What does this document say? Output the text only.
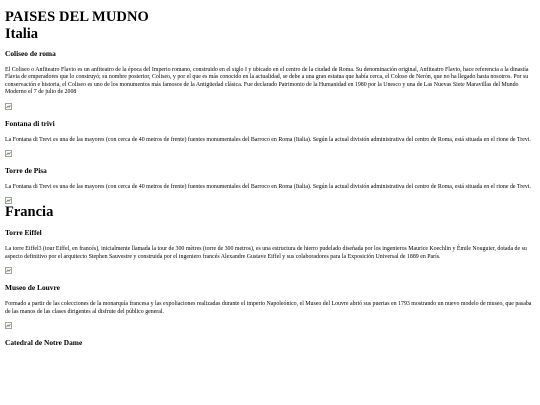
PAISES DEL MUDNO
Italia
Coliseo de roma

El Coliseo o Anfiteatro Flavio es un anfiteatro de la época del Imperio romano, construido en el siglo I y ubicado en el centro de la ciudad de Roma. Su denominación original, Anfiteatro Flavio, hace referencia a la dinastía Flavia de emperadores que lo construyó; su nombre posterior, Coliseo, y por el que es más conocido en la actualidad, se debe a una gran estatua que había cerca, el Coloso de Nerón, que no ha llegado hasta nosotros. Por su conservación e historia, el Coliseo es uno de los monumentos más famosos de la Antigüedad clásica. Fue declarado Patrimonio de la Humanidad en 1980 por la Unesco y una de Las Nuevas Siete Maravillas del Mundo Moderno el 7 de julio de 2008

Fontana di trivi

La Fontana di Trevi es una de las mayores (con cerca de 40 metros de frente) fuentes monumentales del Barroco en Roma (Italia). Según la actual división administrativa del centro de Roma, está situada en el rione de Trevi.

Torre de Pisa

La Fontana di Trevi es una de las mayores (con cerca de 40 metros de frente) fuentes monumentales del Barroco en Roma (Italia). Según la actual división administrativa del centro de Roma, está situada en el rione de Trevi.

Francia
Torre Eiffel

La torre Eiffel3 (tour Eiffel, en francés), inicialmente llamada la tour de 300 mètres (torre de 300 metros), es una estructura de hierro pudelado diseñada por los ingenieros Maurice Koechlin y Émile Nouguier, dotada de su aspecto definitivo por el arquitecto Stephen Sauvestre y construida por el ingeniero francés Alexandre Gustave Eiffel y sus colaboradores para la Exposición Universal de 1889 en París.

Museo de Louvre

Formado a partir de las colecciones de la monarquía francesa y las expoliaciones realizadas durante el imperio Napoleónico, el Museo del Louvre abrió sus puertas en 1793 mostrando un nuevo modelo de museo, que pasaba de las manos de las clases dirigentes al disfrute del público general.

Catedral de Notre Dame
